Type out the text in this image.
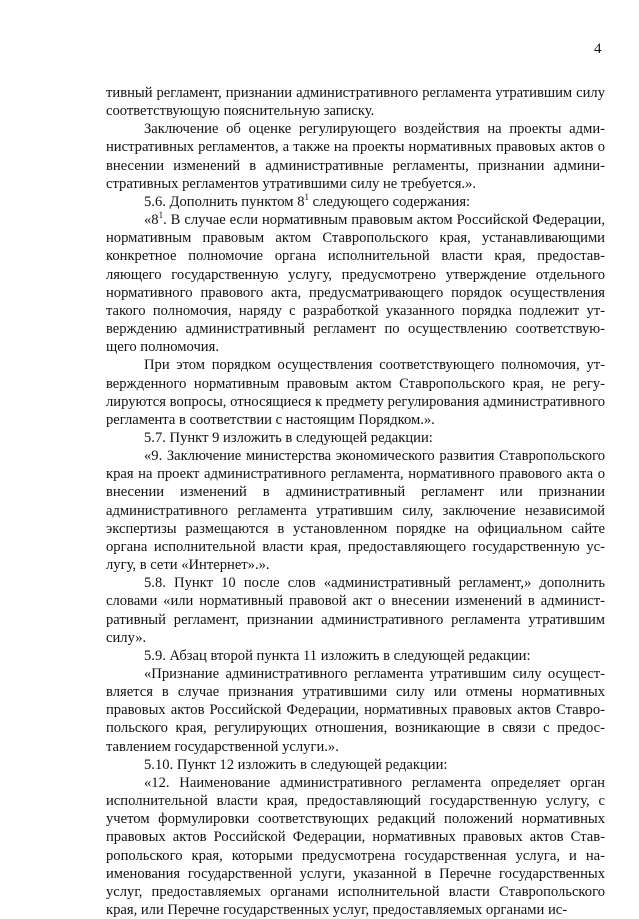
4

тивный регламент, признании административного регламента утратившим силу соответствующую пояснительную записку.

Заключение об оценке регулирующего воздействия на проекты административных регламентов, а также на проекты нормативных правовых актов о внесении изменений в административные регламенты, признании административных регламентов утратившими силу не требуется.».

5.6. Дополнить пунктом $8^1$ следующего содержания:

«$8^1$. В случае если нормативным правовым актом Российской Федерации, нормативным правовым актом Ставропольского края, устанавливающими конкретное полномочие органа исполнительной власти края, предоставляющего государственную услугу, предусмотрено утверждение отдельного нормативного правового акта, предусматривающего порядок осуществления такого полномочия, наряду с разработкой указанного порядка подлежит утверждению административный регламент по осуществлению соответствующего полномочия.

При этом порядком осуществления соответствующего полномочия, утвержденного нормативным правовым актом Ставропольского края, не регулируются вопросы, относящиеся к предмету регулирования административного регламента в соответствии с настоящим Порядком.».

5.7. Пункт 9 изложить в следующей редакции:

«9. Заключение министерства экономического развития Ставропольского края на проект административного регламента, нормативного правового акта о внесении изменений в административный регламент или признании административного регламента утратившим силу, заключение независимой экспертизы размещаются в установленном порядке на официальном сайте органа исполнительной власти края, предоставляющего государственную услугу, в сети «Интернет».».

5.8. Пункт 10 после слов «административный регламент,» дополнить словами «или нормативный правовой акт о внесении изменений в административный регламент, признании административного регламента утратившим силу».

5.9. Абзац второй пункта 11 изложить в следующей редакции:

«Признание административного регламента утратившим силу осуществляется в случае признания утратившими силу или отмены нормативных правовых актов Российской Федерации, нормативных правовых актов Ставропольского края, регулирующих отношения, возникающие в связи с предоставлением государственной услуги.».

5.10. Пункт 12 изложить в следующей редакции:

«12. Наименование административного регламента определяет орган исполнительной власти края, предоставляющий государственную услугу, с учетом формулировки соответствующих редакций положений нормативных правовых актов Российской Федерации, нормативных правовых актов Ставропольского края, которыми предусмотрена государственная услуга, и наименования государственной услуги, указанной в Перечне государственных услуг, предоставляемых органами исполнительной власти Ставропольского края, или Перечне государственных услуг, предоставляемых органами ис-
